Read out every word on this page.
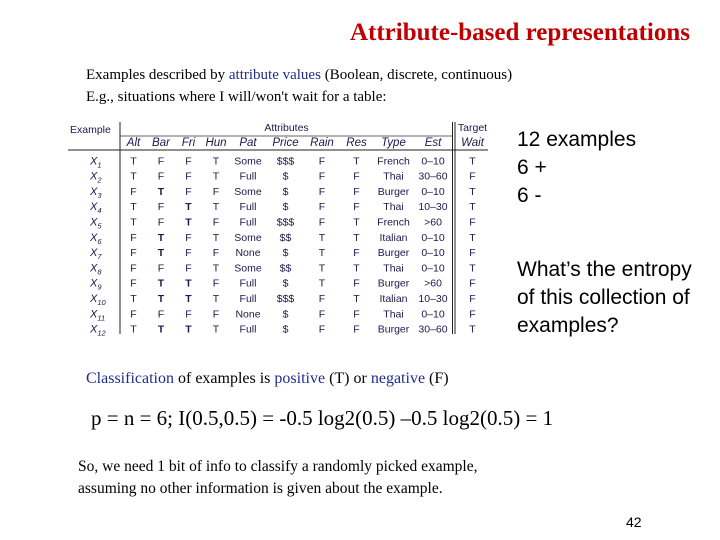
Attribute-based representations
Examples described by attribute values (Boolean, discrete, continuous)
E.g., situations where I will/won't wait for a table:
Example	Attributes	Target
Alt Bar Fri Hun Pat Price Rain Res Type Est Wait
$X_1$	T F F T Some $$$ F	T French 0–10 T
$X_2$	T F F T Full $	F	F Thai 30–60 F
$X_3$	F T F F Some $	F	F Burger 0–10 T
$X_4$	T F T T Full $	F	F Thai 10–30 T
$X_5$	T F T F Full $$$ F	T French >60	F
$X_6$	F T F T Some $$	T	T Italian 0–10 T
$X_7$	F T F F None $	T	F Burger 0–10 F
$X_8$	F F F T Some $$	T	T Thai 0–10 T
$X_9$	F T T F Full $	T	F Burger >60	F
$X_{10}$ T T T T Full $$$ F	T Italian 10–30 F
$X_{11}$ F F F F None $	F	F Thai 0–10 F
$X_{12}$ T T T T Full $	F	F Burger 30–60 T
12 examples
6 +
6 -
What’s the entropy
of this collection of
examples?
Classification of examples is positive (T) or negative (F)
p = n = 6; I(0.5,0.5) = -0.5 log2(0.5) –0.5 log2(0.5) = 1
So, we need 1 bit of info to classify a randomly picked example,
assuming no other information is given about the example.
42
